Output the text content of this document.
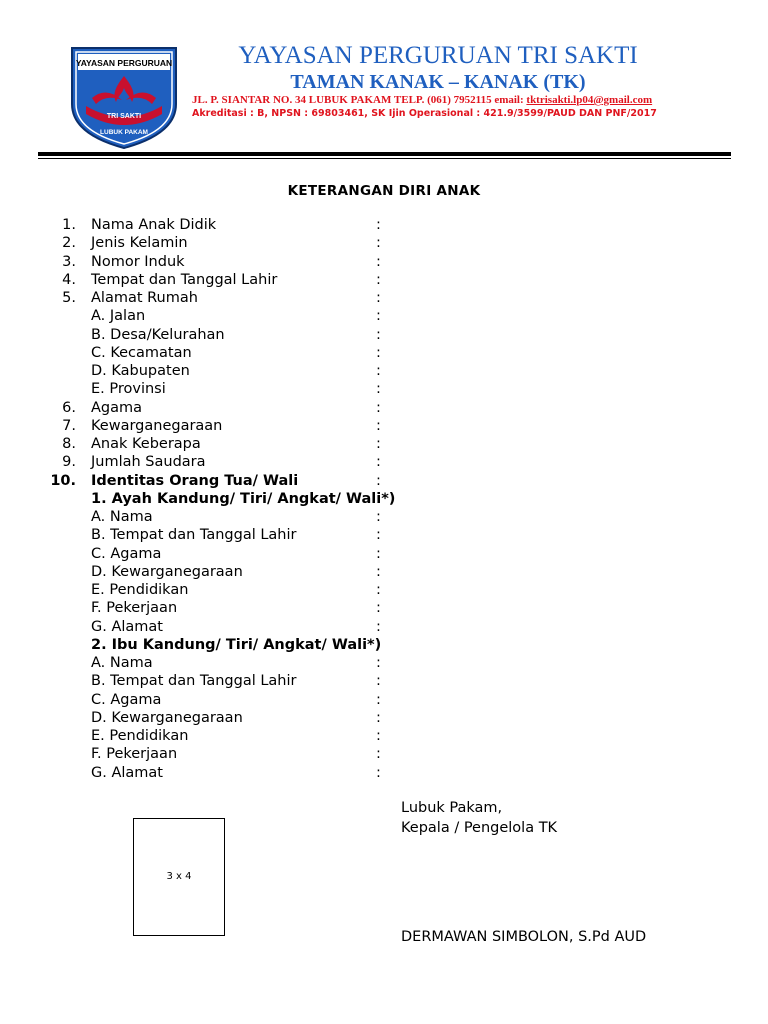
YAYASAN PERGURUAN
TRI SAKTI
LUBUK PAKAM
YAYASAN PERGURUAN TRI SAKTI
TAMAN KANAK – KANAK (TK)
JL. P. SIANTAR NO. 34 LUBUK PAKAM TELP. (061) 7952115 email: tktrisakti.lp04@gmail.com
Akreditasi : B, NPSN : 69803461, SK Ijin Operasional : 421.9/3599/PAUD DAN PNF/2017
KETERANGAN DIRI ANAK
1. Nama Anak Didik	:
2. Jenis Kelamin	:
3. Nomor Induk	:
4. Tempat dan Tanggal Lahir	:
5. Alamat Rumah	:
A. Jalan	:
B. Desa/Kelurahan	:
C. Kecamatan	:
D. Kabupaten	:
E. Provinsi	:
6. Agama	:
7. Kewarganegaraan	:
8. Anak Keberapa	:
9. Jumlah Saudara	:
10. Identitas Orang Tua/ Wali	:
1. Ayah Kandung/ Tiri/ Angkat/ Wali*)
A. Nama	:
B. Tempat dan Tanggal Lahir	:
C. Agama	:
D. Kewarganegaraan	:
E. Pendidikan	:
F. Pekerjaan	:
G. Alamat	:
2. Ibu Kandung/ Tiri/ Angkat/ Wali*)
A. Nama	:
B. Tempat dan Tanggal Lahir	:
C. Agama	:
D. Kewarganegaraan	:
E. Pendidikan	:
F. Pekerjaan	:
G. Alamat	:
3 x 4
Lubuk Pakam,
Kepala / Pengelola TK
DERMAWAN SIMBOLON, S.Pd AUD
